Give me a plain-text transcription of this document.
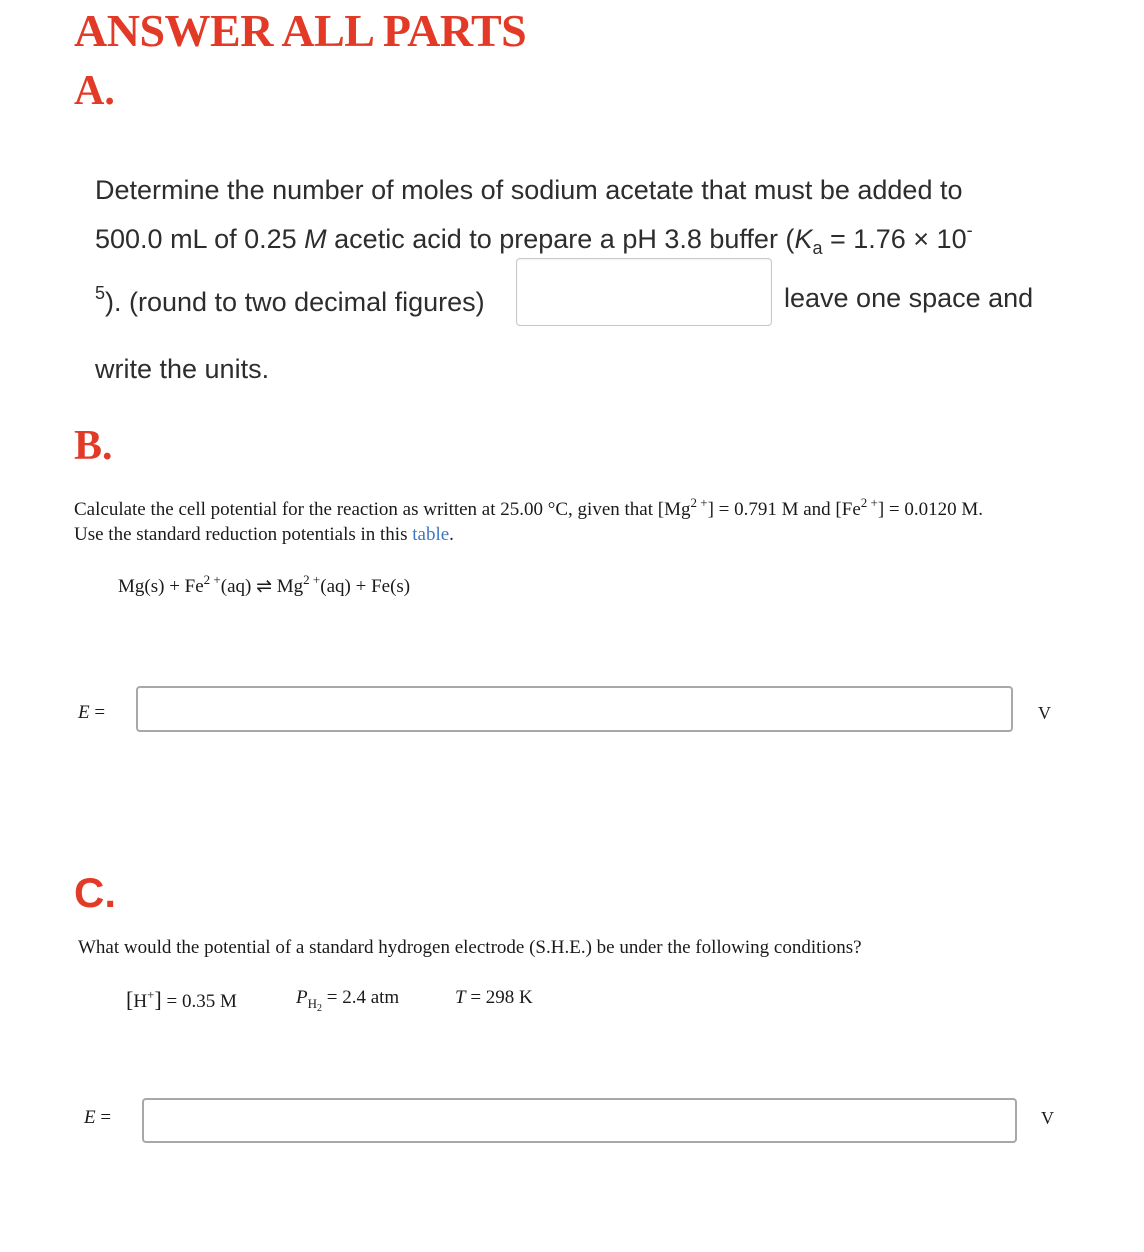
ANSWER ALL PARTS
A.
Determine the number of moles of sodium acetate that must be added to
500.0 mL of 0.25 M acetic acid to prepare a pH 3.8 buffer ($K_a = 1.76 \times 10^-$
$^5$). (round to two decimal figures)	leave one space and
write the units.
B.
Calculate the cell potential for the reaction as written at 25.00 °C, given that $[Mg^{2 +}] = 0.791$ M and $[Fe^{2 +}] = 0.0120$ M.
Use the standard reduction potentials in this table.
$Mg(s) + Fe^{2 +}(aq)$ ⇌ $Mg^{2 +}(aq) + Fe(s)$
E =	V
C.
What would the potential of a standard hydrogen electrode (S.H.E.) be under the following conditions?
[H+] = 0.35 M	$P_{H_2} = 2.4$ atm	T = 298 K
E =	V
